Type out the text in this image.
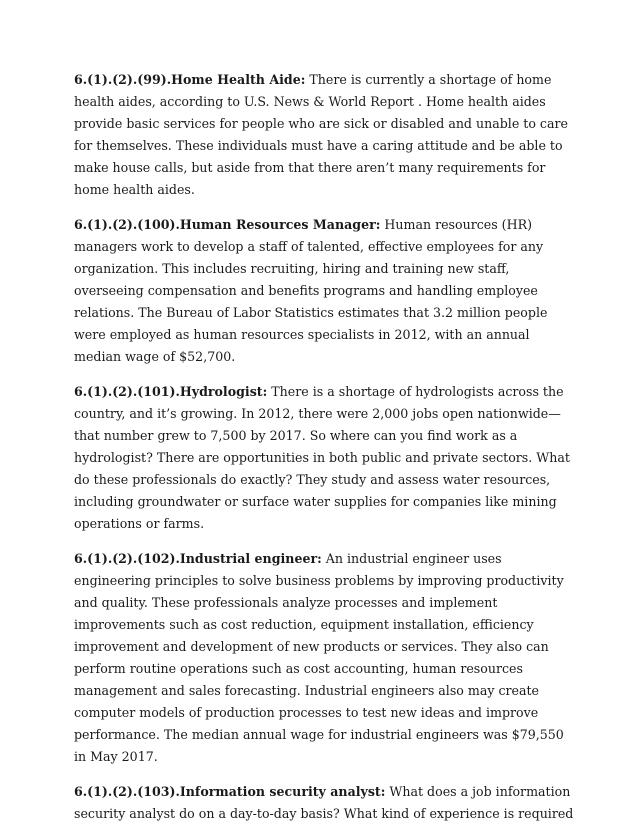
6.(1).(2).(99).Home Health Aide: There is currently a shortage of home health aides, according to U.S. News & World Report . Home health aides provide basic services for people who are sick or disabled and unable to care for themselves. These individuals must have a caring attitude and be able to make house calls, but aside from that there aren’t many requirements for home health aides.

6.(1).(2).(100).Human Resources Manager: Human resources (HR) managers work to develop a staff of talented, effective employees for any organization. This includes recruiting, hiring and training new staff, overseeing compensation and benefits programs and handling employee relations. The Bureau of Labor Statistics estimates that 3.2 million people were employed as human resources specialists in 2012, with an annual median wage of $52,700.

6.(1).(2).(101).Hydrologist: There is a shortage of hydrologists across the country, and it’s growing. In 2012, there were 2,000 jobs open nationwide—that number grew to 7,500 by 2017. So where can you find work as a hydrologist? There are opportunities in both public and private sectors. What do these professionals do exactly? They study and assess water resources, including groundwater or surface water supplies for companies like mining operations or farms.

6.(1).(2).(102).Industrial engineer: An industrial engineer uses engineering principles to solve business problems by improving productivity and quality. These professionals analyze processes and implement improvements such as cost reduction, equipment installation, efficiency improvement and development of new products or services. They also can perform routine operations such as cost accounting, human resources management and sales forecasting. Industrial engineers also may create computer models of production processes to test new ideas and improve performance. The median annual wage for industrial engineers was $79,550 in May 2017.

6.(1).(2).(103).Information security analyst: What does a job information security analyst do on a day-to-day basis? What kind of experience is required
